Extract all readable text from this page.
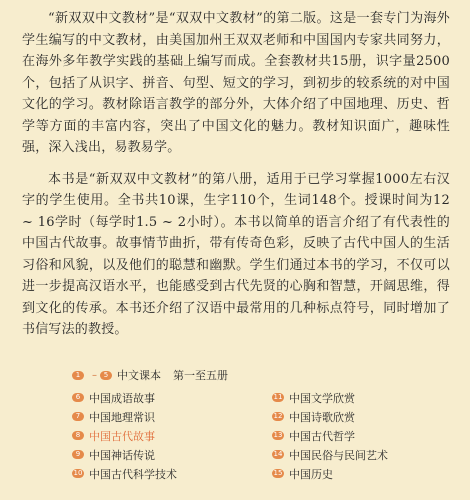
“新双双中文教材”是“双双中文教材”的第二版。这是一套专门为海外学生编写的中文教材，由美国加州王双双老师和中国国内专家共同努力，在海外多年教学实践的基础上编写而成。全套教材共15册，识字量2500个，包括了从识字、拼音、句型、短文的学习，到初步的较系统的对中国文化的学习。教材除语言教学的部分外，大体介绍了中国地理、历史、哲学等方面的丰富内容，突出了中国文化的魅力。教材知识面广，趣味性强，深入浅出，易教易学。

本书是“新双双中文教材”的第八册，适用于已学习掌握1000左右汉字的学生使用。全书共10课，生字110个，生词148个。授课时间为12 ~ 16学时（每学时1.5 ~ 2小时）。本书以简单的语言介绍了有代表性的中国古代故事。故事情节曲折，带有传奇色彩，反映了古代中国人的生活习俗和风貌，以及他们的聪慧和幽默。学生们通过本书的学习，不仅可以进一步提高汉语水平，也能感受到古代先贤的心胸和智慧，开阔思维，得到文化的传承。本书还介绍了汉语中最常用的几种标点符号，同时增加了书信写法的教授。

1	– 5 中文课本 第一至五册
6 中国成语故事
7 中国地理常识
8 中国古代故事
9 中国神话传说
10 中国古代科学技术
11 中国文学欣赏
12 中国诗歌欣赏
13 中国古代哲学
14 中国民俗与民间艺术
15 中国历史
